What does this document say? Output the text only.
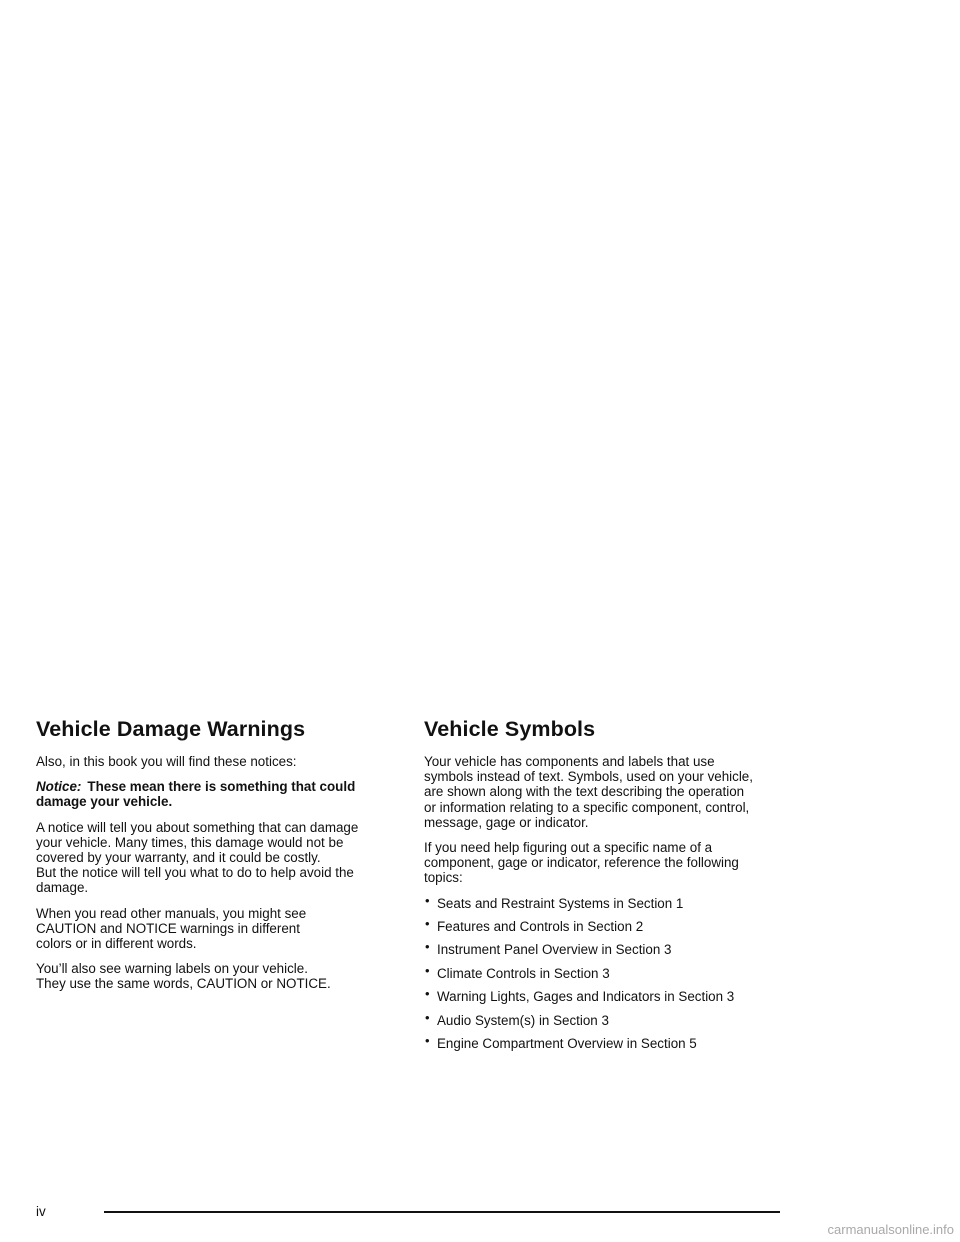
Vehicle Damage Warnings

Also, in this book you will find these notices:

Notice: These mean there is something that could damage your vehicle.

A notice will tell you about something that can damage
your vehicle. Many times, this damage would not be
covered by your warranty, and it could be costly.
But the notice will tell you what to do to help avoid the
damage.

When you read other manuals, you might see
CAUTION and NOTICE warnings in different
colors or in different words.

You’ll also see warning labels on your vehicle.
They use the same words, CAUTION or NOTICE.

Vehicle Symbols

Your vehicle has components and labels that use
symbols instead of text. Symbols, used on your vehicle,
are shown along with the text describing the operation
or information relating to a specific component, control,
message, gage or indicator.

If you need help figuring out a specific name of a
component, gage or indicator, reference the following
topics:

• Seats and Restraint Systems in Section 1
• Features and Controls in Section 2
• Instrument Panel Overview in Section 3
• Climate Controls in Section 3
• Warning Lights, Gages and Indicators in Section 3
• Audio System(s) in Section 3
• Engine Compartment Overview in Section 5
iv
carmanualsonline.info
